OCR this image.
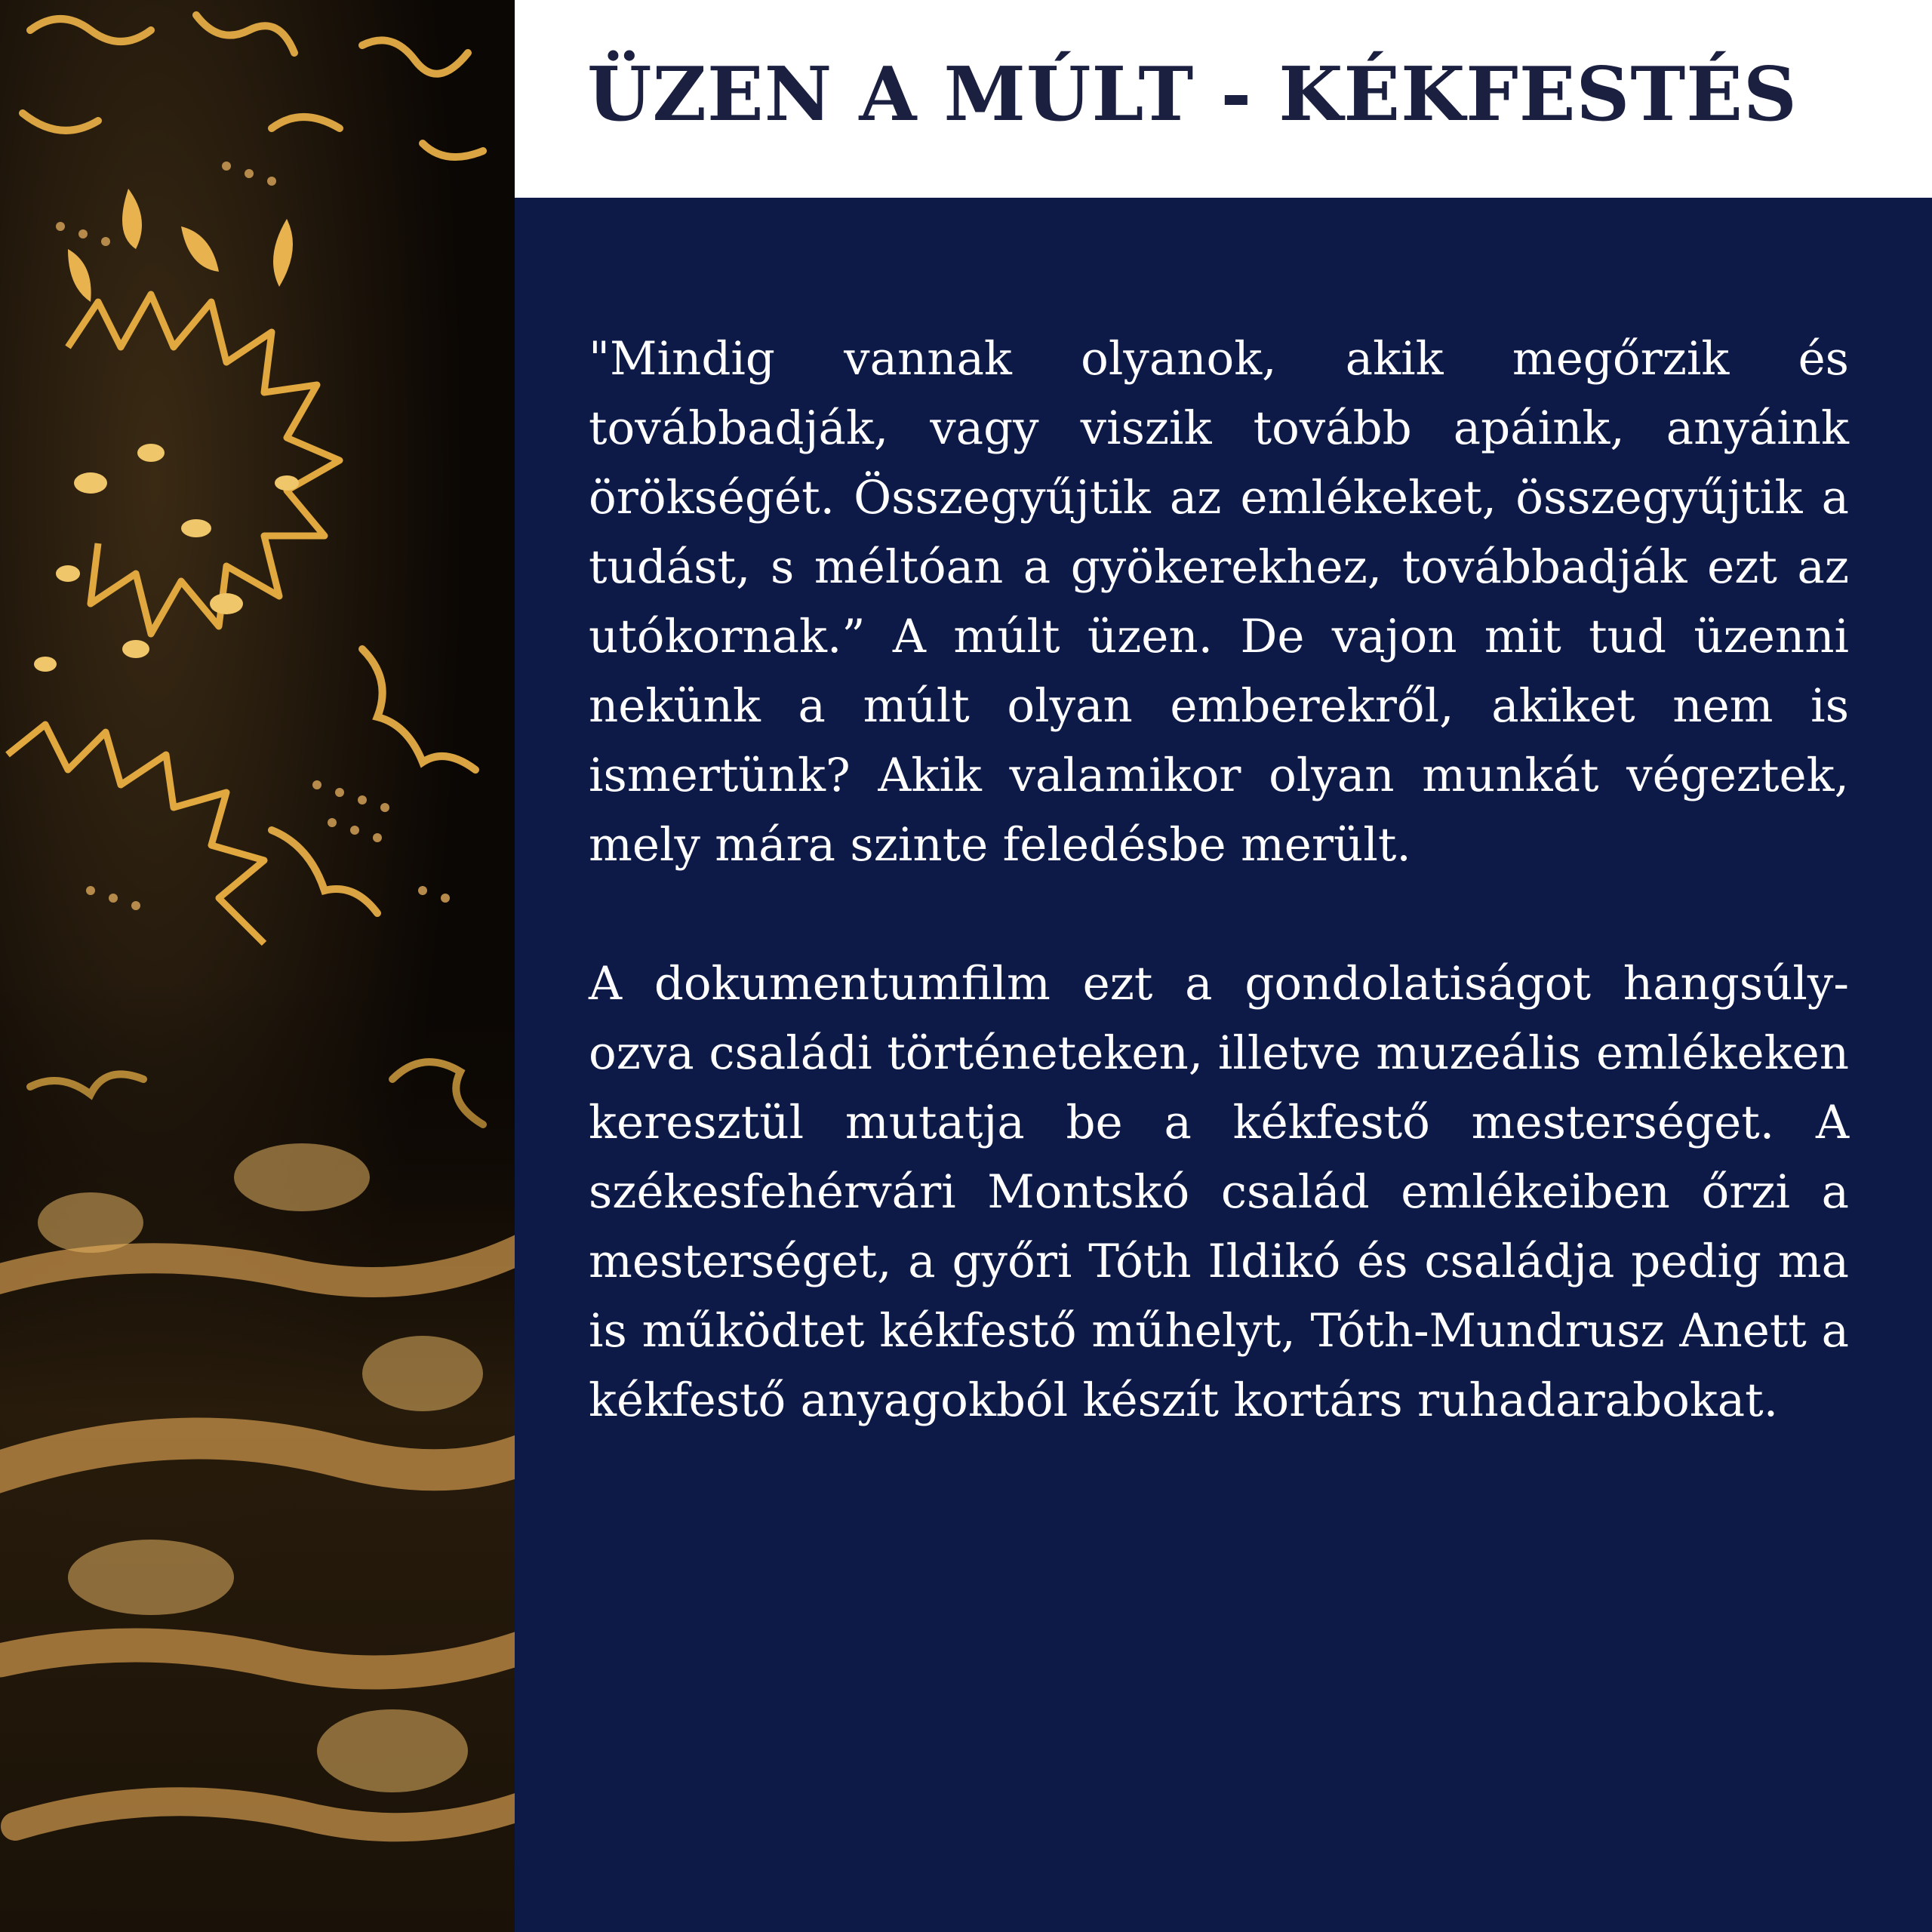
ÜZEN A MÚLT - KÉKFESTÉS

"Mindig vannak olyanok, akik megőrzik és továbbadják, vagy viszik tovább apáink, anyáink örökségét. Összegyűjtik az emlékeket, összegyűjtik a tudást, s méltóan a gyökerekhez, továbbadják ezt az utókornak.” A múlt üzen. De vajon mit tud üzenni nekünk a múlt olyan emberekről, akiket nem is ismertünk? Akik valamikor olyan munkát végeztek, mely mára szinte feledésbe merült.

A dokumentumfilm ezt a gondolatiságot hangsúlyozva családi történeteken, illetve muzeális emlékeken keresztül mutatja be a kékfestő mesterséget. A székesfehérvári Montskó család emlékeiben őrzi a mesterséget, a győri Tóth Ildikó és családja pedig ma is működtet kékfestő műhelyt, Tóth-Mundrusz Anett a kékfestő anyagokból készít kortárs ruhadarabokat.
